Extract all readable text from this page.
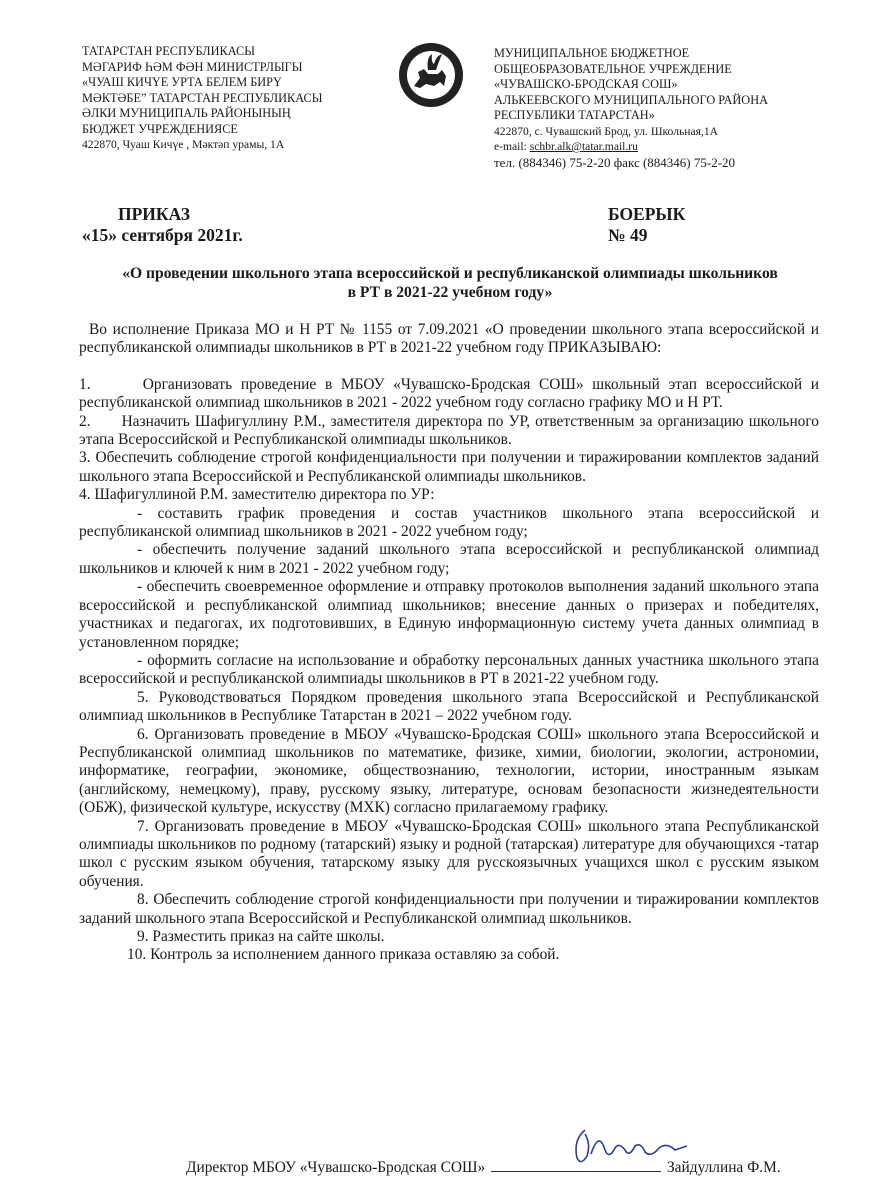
ТАТАРСТАН РЕСПУБЛИКАСЫ
МӘГАРИФ ҺӘМ ФӘН МИНИСТРЛЫГЫ
«ЧУАШ КИЧҮЕ УРТА БЕЛЕМ БИРҮ
МӘКТӘБЕ” ТАТАРСТАН РЕСПУБЛИКАСЫ
ӘЛКИ МУНИЦИПАЛЬ РАЙОНЫНЫҢ
БЮДЖЕТ УЧРЕЖДЕНИЯСЕ
422870, Чуаш Кичүе , Мәктәп урамы, 1А
МУНИЦИПАЛЬНОЕ БЮДЖЕТНОЕ
ОБЩЕОБРАЗОВАТЕЛЬНОЕ УЧРЕЖДЕНИЕ
«ЧУВАШСКО-БРОДСКАЯ СОШ»
АЛЬКЕЕВСКОГО МУНИЦИПАЛЬНОГО РАЙОНА
РЕСПУБЛИКИ ТАТАРСТАН»
422870, с. Чувашский Брод, ул. Школьная,1А
e-mail: schbr.alk@tatar.mail.ru
тел. (884346) 75-2-20 факс (884346) 75-2-20
ПРИКАЗ
«15» сентября 2021г.
БОЕРЫК
№ 49
«О проведении школьного этапа всероссийской и республиканской олимпиады школьников
в РТ в 2021-22 учебном году»

Во исполнение Приказа МО и Н РТ № 1155 от 7.09.2021 «О проведении школьного этапа всероссийской и республиканской олимпиады школьников в РТ в 2021-22 учебном году ПРИКАЗЫВАЮ:

1.      Организовать проведение в МБОУ «Чувашско-Бродская СОШ» школьный этап всероссийской и республиканской олимпиад школьников в 2021 - 2022 учебном году согласно графику МО и Н РТ.

2.      Назначить Шафигуллину Р.М., заместителя директора по УР, ответственным за организацию школьного этапа Всероссийской и Республиканской олимпиады школьников.

3. Обеспечить соблюдение строгой конфиденциальности при получении и тиражировании комплектов заданий школьного этапа Всероссийской и Республиканской олимпиады школьников.

4. Шафигуллиной Р.М. заместителю директора по УР:

- составить график проведения и состав участников школьного этапа всероссийской и республиканской олимпиад школьников в 2021 - 2022 учебном году;

- обеспечить получение заданий школьного этапа всероссийской и республиканской олимпиад школьников и ключей к ним в 2021 - 2022 учебном году;

- обеспечить своевременное оформление и отправку протоколов выполнения заданий школьного этапа всероссийской и республиканской олимпиад школьников; внесение данных о призерах и победителях, участниках и педагогах, их подготовивших, в Единую информационную систему учета данных олимпиад в установленном порядке;

- оформить согласие на использование и обработку персональных данных участника школьного этапа всероссийской и республиканской олимпиады школьников в РТ в 2021-22 учебном году.

5. Руководствоваться Порядком проведения школьного этапа Всероссийской и Республиканской олимпиад школьников в Республике Татарстан в 2021 – 2022 учебном году.

6. Организовать проведение в МБОУ «Чувашско-Бродская СОШ» школьного этапа Всероссийской и Республиканской олимпиад школьников по математике, физике, химии, биологии, экологии, астрономии, информатике, географии, экономике, обществознанию, технологии, истории, иностранным языкам (английскому, немецкому), праву, русскому языку, литературе, основам безопасности жизнедеятельности (ОБЖ), физической культуре, искусству (МХК) согласно прилагаемому графику.

7. Организовать проведение в МБОУ «Чувашско-Бродская СОШ» школьного этапа Республиканской олимпиады школьников по родному (татарский) языку и родной (татарская) литературе для обучающихся -татар школ с русским языком обучения, татарскому языку для русскоязычных учащихся школ с русским языком обучения.

8. Обеспечить соблюдение строгой конфиденциальности при получении и тиражировании комплектов заданий школьного этапа Всероссийской и Республиканской олимпиад школьников.

9. Разместить приказ на сайте школы.

10. Контроль за исполнением данного приказа оставляю за собой.

Директор МБОУ «Чувашско-Бродская СОШ»	Зайдуллина Ф.М.
